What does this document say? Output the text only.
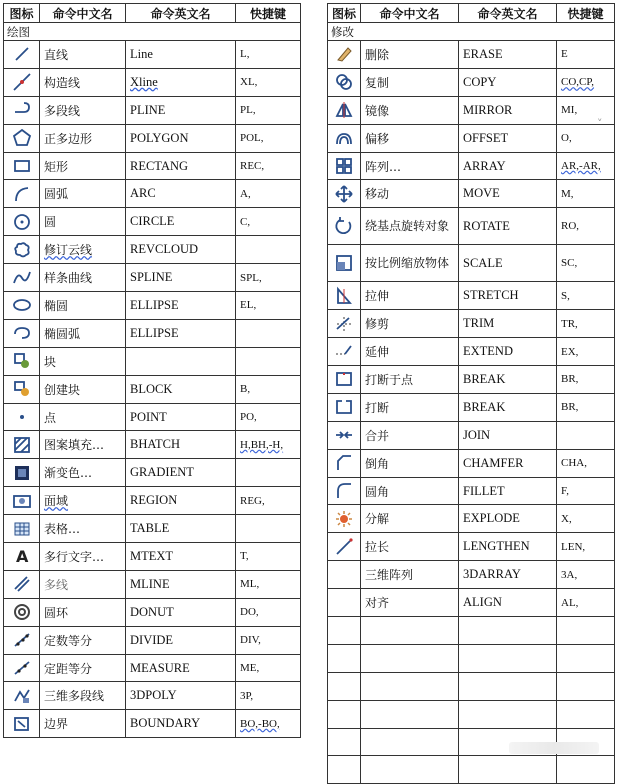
图标	命令中文名	命令英文名	快捷键
绘图			

	直线	Line	L,

	构造线	Xline	XL,

	多段线	PLINE	PL,

	正多边形	POLYGON	POL,

	矩形	RECTANG	REC,

	圆弧	ARC	A,

	圆	CIRCLE	C,

	修订云线	REVCLOUD	

	样条曲线	SPLINE	SPL,

	椭圆	ELLIPSE	EL,

	椭圆弧	ELLIPSE	

	块		

	创建块	BLOCK	B,

	点	POINT	PO,

	图案填充…	BHATCH	H,BH,-H,

	渐变色…	GRADIENT	

	面域	REGION	REG,

	表格…	TABLE	

A	多行文字…	MTEXT	T,

	多线	MLINE	ML,

	圆环	DONUT	DO,

	定数等分	DIVIDE	DIV,

	定距等分	MEASURE	ME,

	三维多段线	3DPOLY	3P,

	边界	BOUNDARY	BO,-BO,
图标	命令中文名	命令英文名	快捷键
修改			

	删除	ERASE	E

	复制	COPY	CO,CP,

	镜像	MIRROR	MI,

	偏移	OFFSET	O,

	阵列…	ARRAY	AR,-AR,

	移动	MOVE	M,

	绕基点旋转对象	ROTATE	RO,

	按比例缩放物体	SCALE	SC,

	拉伸	STRETCH	S,

	修剪	TRIM	TR,

	延伸	EXTEND	EX,

	打断于点	BREAK	BR,

	打断	BREAK	BR,

	合并	JOIN	

	倒角	CHAMFER	CHA,

	圆角	FILLET	F,

	分解	EXPLODE	X,

	拉长	LENGTHEN	LEN,
	三维阵列	3DARRAY	3A,
	对齐	ALIGN	AL,

˅
